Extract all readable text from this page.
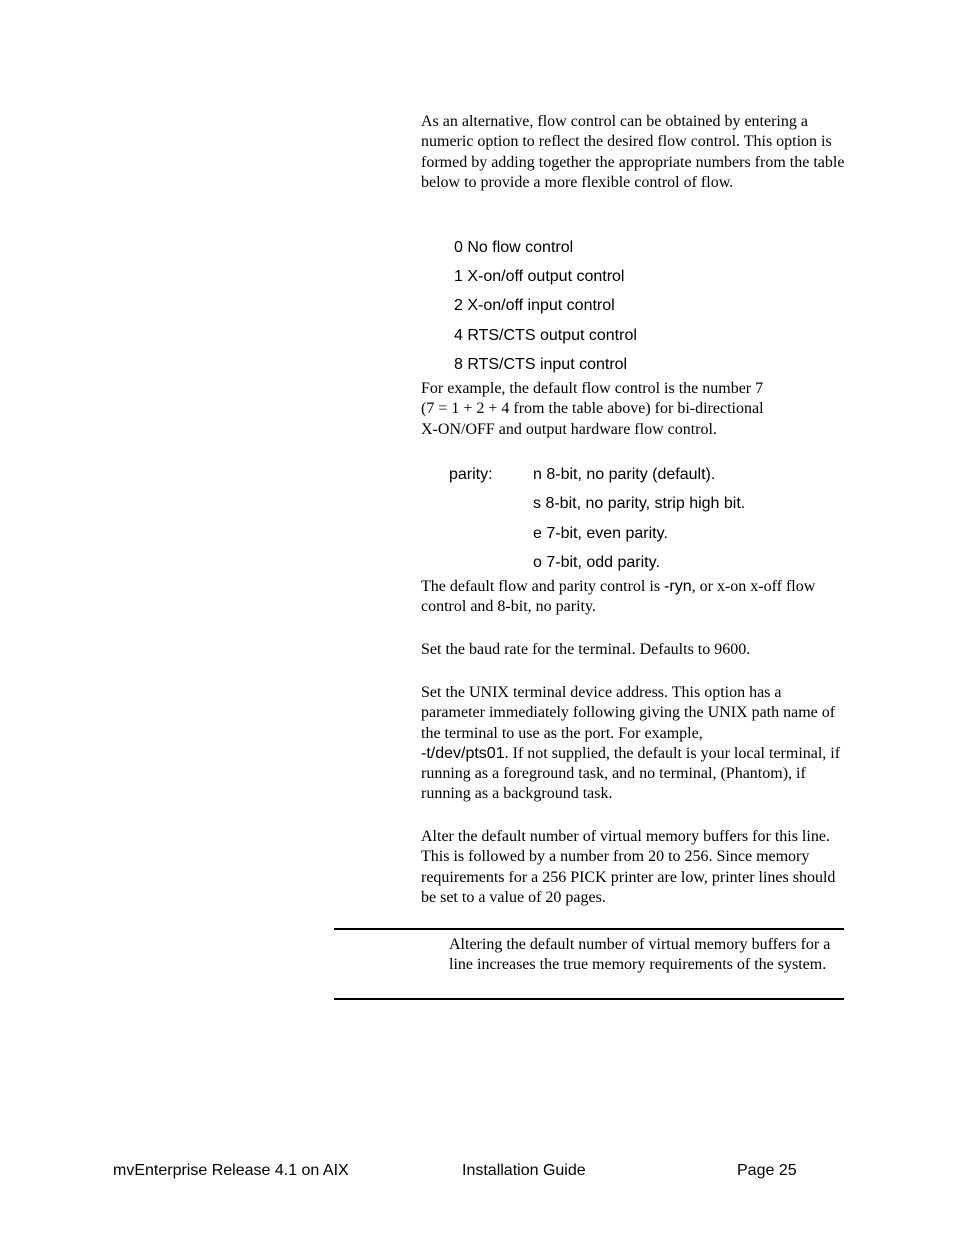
As an alternative, flow control can be obtained by entering a numeric option to reflect the desired flow control. This option is formed by adding together the appropriate numbers from the table below to provide a more flexible control of flow.
0 No flow control
1 X-on/off output control
2 X-on/off input control
4 RTS/CTS output control
8 RTS/CTS input control
For example, the default flow control is the number 7
(7 = 1 + 2 + 4 from the table above) for bi-directional
X-ON/OFF and output hardware flow control.
parity:	n 8-bit, no parity (default).
s 8-bit, no parity, strip high bit.
e 7-bit, even parity.
o 7-bit, odd parity.
The default flow and parity control is -ryn, or x-on x-off flow control and 8-bit, no parity.
Set the baud rate for the terminal. Defaults to 9600.
Set the UNIX terminal device address. This option has a parameter immediately following giving the UNIX path name of the terminal to use as the port. For example,
-t/dev/pts01. If not supplied, the default is your local terminal, if running as a foreground task, and no terminal, (Phantom), if running as a background task.
Alter the default number of virtual memory buffers for this line. This is followed by a number from 20 to 256. Since memory requirements for a 256 PICK printer are low, printer lines should be set to a value of 20 pages.
Altering the default number of virtual memory buffers for a line increases the true memory requirements of the system.
mvEnterprise Release 4.1 on AIX	Installation Guide	Page 25
